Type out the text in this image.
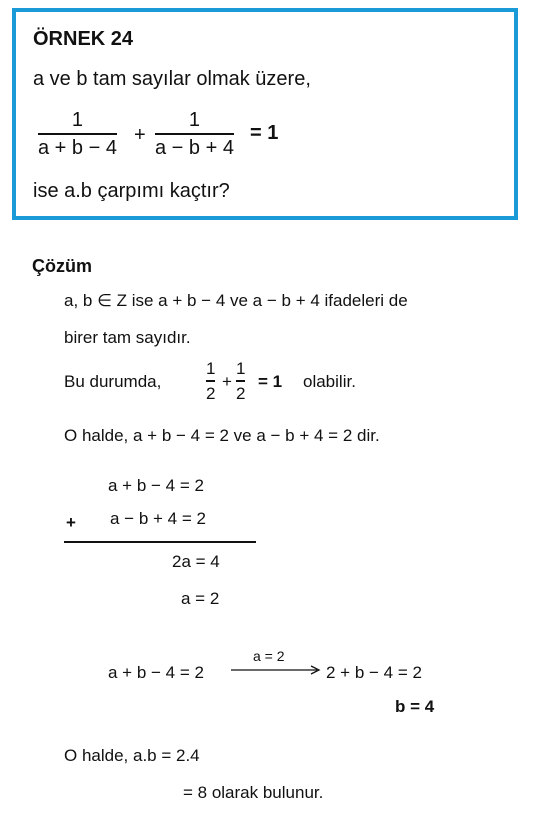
ÖRNEK 24
a ve b tam sayılar olmak üzere,
1
a + b − 4
+
1
a − b + 4
= 1
ise a.b çarpımı kaçtır?
Çözüm
a, b ∈ Z ise a + b − 4 ve a − b + 4 ifadeleri de
birer tam sayıdır.
Bu durumda,
1
2
+
1
2
= 1 olabilir.
O halde, a + b − 4 = 2 ve a − b + 4 = 2 dir.
a + b − 4 = 2
+ a − b + 4 = 2
2a = 4
a = 2
a + b − 4 = 2
a = 2
2 + b − 4 = 2
b = 4
O halde, a.b = 2.4
= 8 olarak bulunur.
